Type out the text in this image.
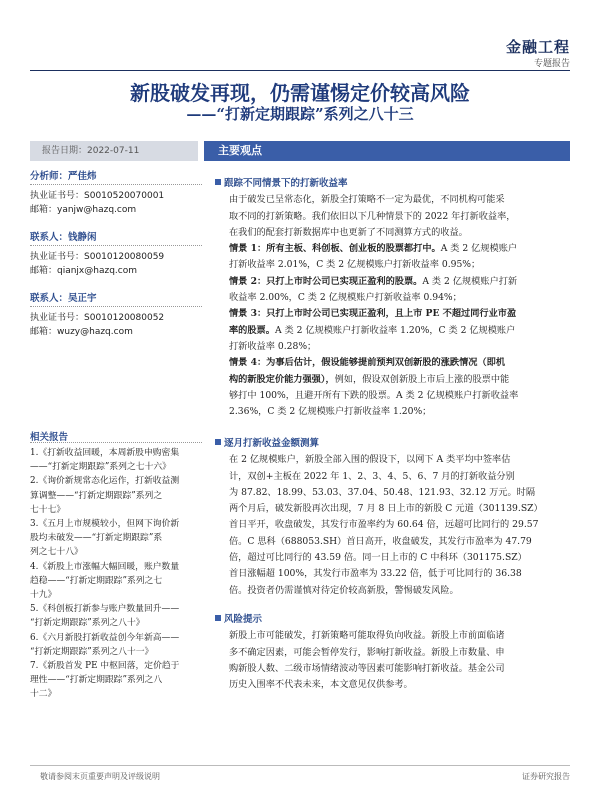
金融工程
专题报告
新股破发再现，仍需谨惕定价较高风险
——“打新定期跟踪”系列之八十三
报告日期：2022-07-11	主要观点
分析师：严佳炜
执业证书号：S0010520070001
邮箱：yanjw@hazq.com
联系人：钱静闲
执业证书号：S0010120080059
邮箱：qianjx@hazq.com
联系人：吴正宇
执业证书号：S0010120080052
邮箱：wuzy@hazq.com
相关报告
1.《打新收益回暖，本周新股申购密集
——“打新定期跟踪”系列之七十六》
2.《询价新规常态化运作，打新收益测
算调整——“打新定期跟踪”系列之
七十七》
3.《五月上市规模较小，但网下询价新
股均未破发——“打新定期跟踪”系
列之七十八》
4.《新股上市涨幅大幅回暖，账户数量
趋稳——“打新定期跟踪”系列之七
十九》
5.《科创板打新参与账户数量回升——
“打新定期跟踪”系列之八十》
6.《六月新股打新收益创今年新高——
“打新定期跟踪”系列之八十一》
7.《新股首发 PE 中枢回落，定价趋于
理性——“打新定期跟踪”系列之八
十二》
跟踪不同情景下的打新收益率
由于破发已呈常态化，新股全打策略不一定为最优，不同机构可能采
取不同的打新策略。我们依旧以下几种情景下的 2022 年打新收益率，
在我们的配套打新数据库中也更新了不同测算方式的收益。
情景 1：所有主板、科创板、创业板的股票都打中。A 类 2 亿规模账户
打新收益率 2.01%，C 类 2 亿规模账户打新收益率 0.95%；
情景 2：只打上市时公司已实现正盈利的股票。A 类 2 亿规模账户打新
收益率 2.00%，C 类 2 亿规模账户打新收益率 0.94%；
情景 3：只打上市时公司已实现正盈利，且上市 PE 不超过同行业市盈
率的股票。A 类 2 亿规模账户打新收益率 1.20%，C 类 2 亿规模账户
打新收益率 0.28%；
情景 4：为事后估计，假设能够提前预判双创新股的涨跌情况（即机
构的新股定价能力强强），例如，假设双创新股上市后上涨的股票中能
够打中 100%，且避开所有下跌的股票。A 类 2 亿规模账户打新收益率
2.36%，C 类 2 亿规模账户打新收益率 1.20%；
逐月打新收益金额测算
在 2 亿规模账户，新股全部入围的假设下，以网下 A 类平均中签率估
计，双创+主板在 2022 年 1、2、3、4、5、6、7 月的打新收益分别
为 87.82、18.99、53.03、37.04、50.48、121.93、32.12 万元。时隔
两个月后，破发新股再次出现，7 月 8 日上市的新股 C 元道（301139.SZ）
首日平开，收盘破发，其发行市盈率约为 60.64 倍，远超可比同行的 29.57
倍。C 思科（688053.SH）首日高开，收盘破发，其发行市盈率为 47.79
倍，超过可比同行的 43.59 倍。同一日上市的 C 中科环（301175.SZ）
首日涨幅超 100%，其发行市盈率为 33.22 倍，低于可比同行的 36.38
倍。投资者仍需谨慎对待定价较高新股，警惕破发风险。
风险提示
新股上市可能破发，打新策略可能取得负向收益。新股上市前面临诸
多不确定因素，可能会暂停发行，影响打新收益。新股上市数量、申
购新股人数、二级市场情绪波动等因素可能影响打新收益。基金公司
历史入围率不代表未来，本文意见仅供参考。
敬请参阅末页重要声明及评级说明	证券研究报告
